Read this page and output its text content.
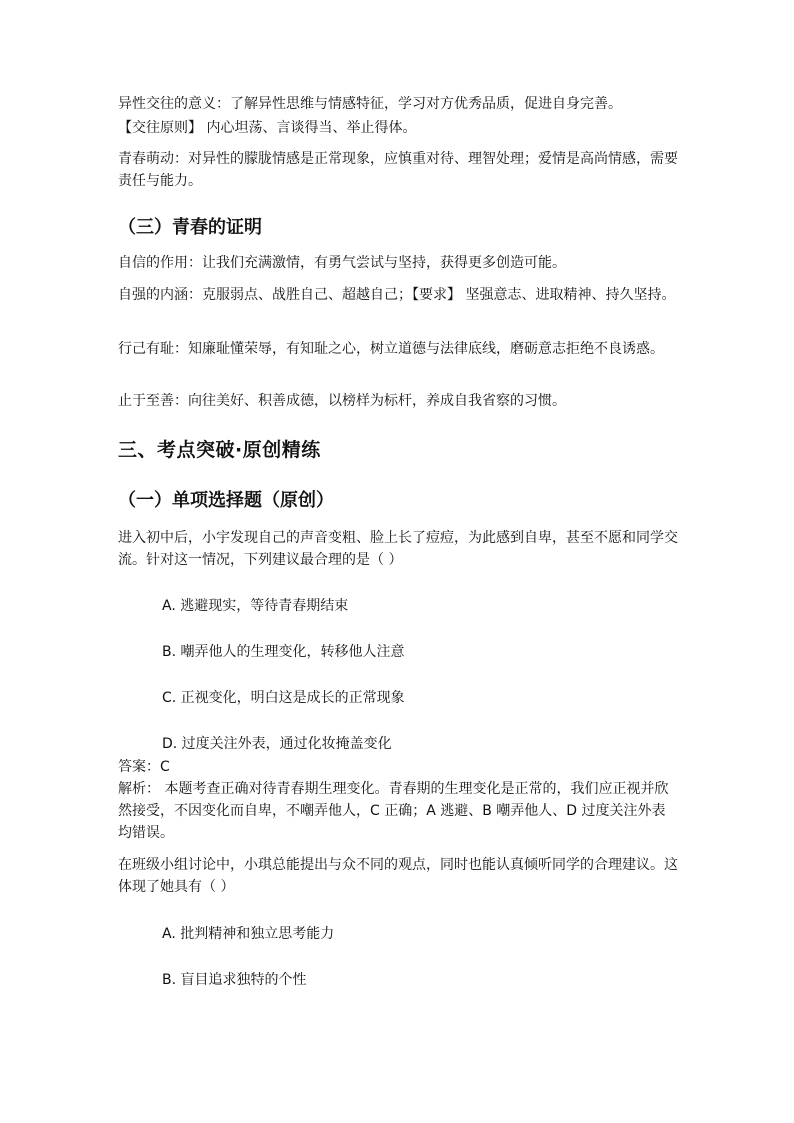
异性交往的意义：了解异性思维与情感特征，学习对方优秀品质，促进自身完善。

【交往原则】 内心坦荡、言谈得当、举止得体。

青春萌动：对异性的朦胧情感是正常现象，应慎重对待、理智处理；爱情是高尚情感，需要责任与能力。

（三）青春的证明

自信的作用：让我们充满激情，有勇气尝试与坚持，获得更多创造可能。

自强的内涵：克服弱点、战胜自己、超越自己；【要求】 坚强意志、进取精神、持久坚持。

行己有耻：知廉耻懂荣辱，有知耻之心，树立道德与法律底线，磨砺意志拒绝不良诱惑。

止于至善：向往美好、积善成德，以榜样为标杆，养成自我省察的习惯。

三、考点突破·原创精练
（一）单项选择题（原创）

进入初中后，小宇发现自己的声音变粗、脸上长了痘痘，为此感到自卑，甚至不愿和同学交流。针对这一情况，下列建议最合理的是（ ）

A. 逃避现实，等待青春期结束

B. 嘲弄他人的生理变化，转移他人注意

C. 正视变化，明白这是成长的正常现象

D. 过度关注外表，通过化妆掩盖变化

答案：C

解析： 本题考查正确对待青春期生理变化。青春期的生理变化是正常的，我们应正视并欣然接受，不因变化而自卑，不嘲弄他人，C 正确；A 逃避、B 嘲弄他人、D 过度关注外表均错误。

在班级小组讨论中，小琪总能提出与众不同的观点，同时也能认真倾听同学的合理建议。这体现了她具有（ ）

A. 批判精神和独立思考能力

B. 盲目追求独特的个性
